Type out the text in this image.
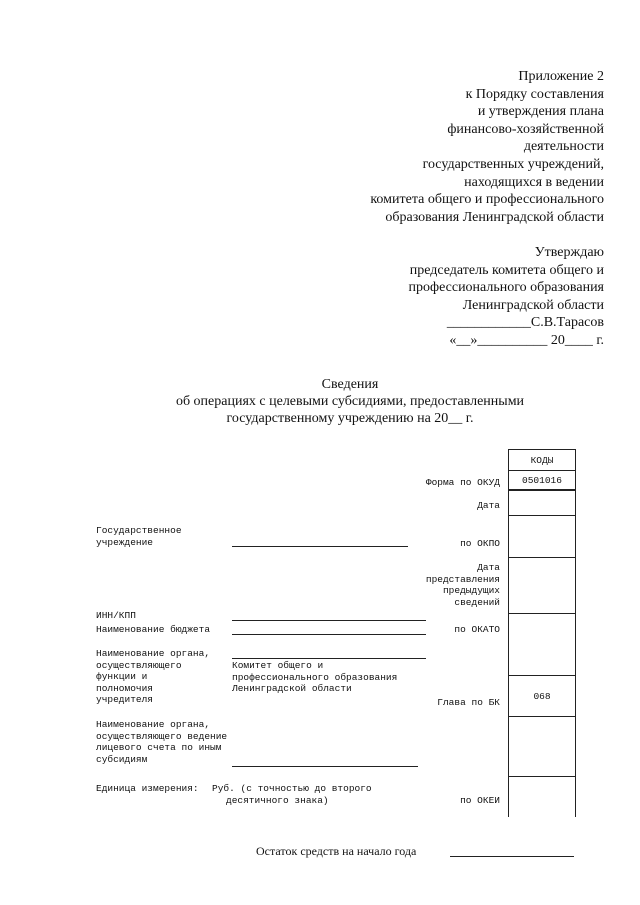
Приложение 2
к Порядку составления
и утверждения плана
финансово-хозяйственной
деятельности
государственных учреждений,
находящихся в ведении
комитета общего и профессионального
образования Ленинградской области
Утверждаю
председатель комитета общего и
профессионального образования
Ленинградской области
____________С.В.Тарасов
«__»__________ 20____ г.
Сведения
об операциях с целевыми субсидиями, предоставленными
государственному учреждению на 20__ г.
КОДЫ
0501016
068
Форма по ОКУД
Дата
по ОКПО
Дата
представления
предыдущих
сведений
по ОКАТО
Глава по БК
по ОКЕИ
Государственное
учреждение
ИНН/КПП
Наименование бюджета
Наименование органа,
осуществляющего
функции и
полномочия
учредителя
Комитет общего и
профессионального образования
Ленинградской области
Наименование органа,
осуществляющего ведение
лицевого счета по иным
субсидиям
Единица измерения: Руб. (с точностью до второго
десятичного знака)
Остаток средств на начало года
